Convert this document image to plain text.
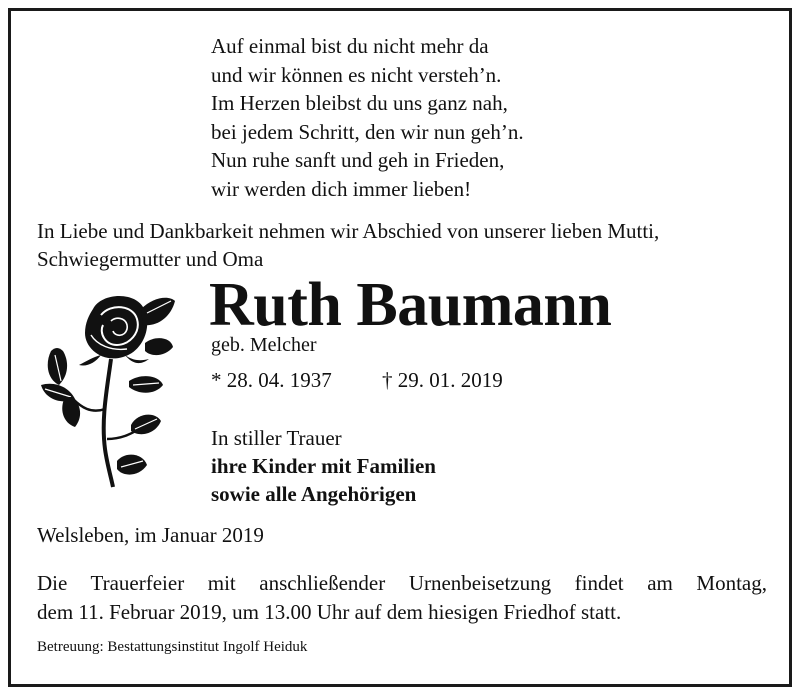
Auf einmal bist du nicht mehr da
und wir können es nicht versteh’n.
Im Herzen bleibst du uns ganz nah,
bei jedem Schritt, den wir nun geh’n.
Nun ruhe sanft und geh in Frieden,
wir werden dich immer lieben!
In Liebe und Dankbarkeit nehmen wir Abschied von unserer lieben Mutti,
Schwiegermutter und Oma
Ruth Baumann
geb. Melcher
* 28. 04. 1937 † 29. 01. 2019
In stiller Trauer
ihre Kinder mit Familien
sowie alle Angehörigen
Welsleben, im Januar 2019
Die Trauerfeier mit anschließender Urnenbeisetzung findet am Montag,
dem 11. Februar 2019, um 13.00 Uhr auf dem hiesigen Friedhof statt.
Betreuung: Bestattungsinstitut Ingolf Heiduk
